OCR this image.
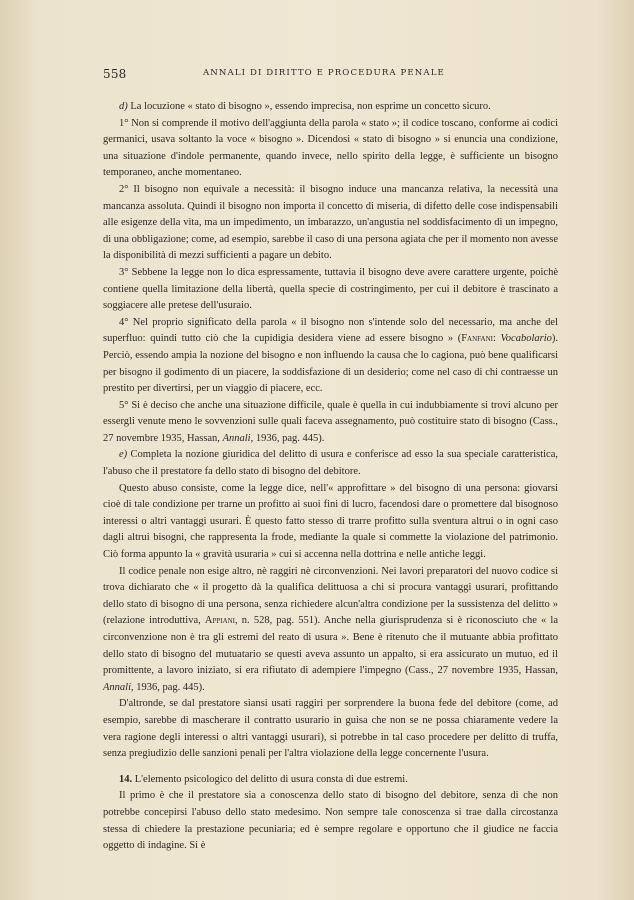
558	ANNALI DI DIRITTO E PROCEDURA PENALE

d) La locuzione « stato di bisogno », essendo imprecisa, non esprime un concetto sicuro.

1° Non si comprende il motivo dell'aggiunta della parola « stato »; il codice toscano, conforme ai codici germanici, usava soltanto la voce « bisogno ». Dicendosi « stato di bisogno » si enuncia una condizione, una situazione d'indole permanente, quando invece, nello spirito della legge, è sufficiente un bisogno temporaneo, anche momentaneo.

2° Il bisogno non equivale a necessità: il bisogno induce una mancanza relativa, la necessità una mancanza assoluta. Quindi il bisogno non importa il concetto di miseria, di difetto delle cose indispensabili alle esigenze della vita, ma un impedimento, un imbarazzo, un'angustia nel soddisfacimento di un impegno, di una obbligazione; come, ad esempio, sarebbe il caso di una persona agiata che per il momento non avesse la disponibilità di mezzi sufficienti a pagare un debito.

3° Sebbene la legge non lo dica espressamente, tuttavia il bisogno deve avere carattere urgente, poichè contiene quella limitazione della libertà, quella specie di costringimento, per cui il debitore è trascinato a soggiacere alle pretese dell'usuraio.

4° Nel proprio significato della parola « il bisogno non s'intende solo del necessario, ma anche del superfluo: quindi tutto ciò che la cupidigia desidera viene ad essere bisogno » (Fanfani: Vocabolario). Perciò, essendo ampia la nozione del bisogno e non influendo la causa che lo cagiona, può bene qualificarsi per bisogno il godimento di un piacere, la soddisfazione di un desiderio; come nel caso di chi contraesse un prestito per divertirsi, per un viaggio di piacere, ecc.

5° Si è deciso che anche una situazione difficile, quale è quella in cui indubbiamente si trovi alcuno per essergli venute meno le sovvenzioni sulle quali faceva assegnamento, può costituire stato di bisogno (Cass., 27 novembre 1935, Hassan, Annali, 1936, pag. 445).

e) Completa la nozione giuridica del delitto di usura e conferisce ad esso la sua speciale caratteristica, l'abuso che il prestatore fa dello stato di bisogno del debitore.

Questo abuso consiste, come la legge dice, nell'« approfittare » del bisogno di una persona: giovarsi cioè di tale condizione per trarne un profitto ai suoi fini di lucro, facendosi dare o promettere dal bisognoso interessi o altri vantaggi usurari. È questo fatto stesso di trarre profitto sulla sventura altrui o in ogni caso dagli altrui bisogni, che rappresenta la frode, mediante la quale si commette la violazione del patrimonio. Ciò forma appunto la « gravità usuraria » cui si accenna nella dottrina e nelle antiche leggi.

Il codice penale non esige altro, nè raggiri nè circonvenzioni. Nei lavori preparatori del nuovo codice si trova dichiarato che « il progetto dà la qualifica delittuosa a chi si procura vantaggi usurari, profittando dello stato di bisogno di una persona, senza richiedere alcun'altra condizione per la sussistenza del delitto » (relazione introduttiva, Appiani, n. 528, pag. 551). Anche nella giurisprudenza si è riconosciuto che « la circonvenzione non è tra gli estremi del reato di usura ». Bene è ritenuto che il mutuante abbia profittato dello stato di bisogno del mutuatario se questi aveva assunto un appalto, si era assicurato un mutuo, ed il promittente, a lavoro iniziato, si era rifiutato di adempiere l'impegno (Cass., 27 novembre 1935, Hassan, Annali, 1936, pag. 445).

D'altronde, se dal prestatore siansi usati raggiri per sorprendere la buona fede del debitore (come, ad esempio, sarebbe di mascherare il contratto usurario in guisa che non se ne possa chiaramente vedere la vera ragione degli interessi o altri vantaggi usurari), si potrebbe in tal caso procedere per delitto di truffa, senza pregiudizio delle sanzioni penali per l'altra violazione della legge concernente l'usura.

14. L'elemento psicologico del delitto di usura consta di due estremi.

Il primo è che il prestatore sia a conoscenza dello stato di bisogno del debitore, senza di che non potrebbe concepirsi l'abuso dello stato medesimo. Non sempre tale conoscenza si trae dalla circostanza stessa di chiedere la prestazione pecuniaria; ed è sempre regolare e opportuno che il giudice ne faccia oggetto di indagine. Si è
